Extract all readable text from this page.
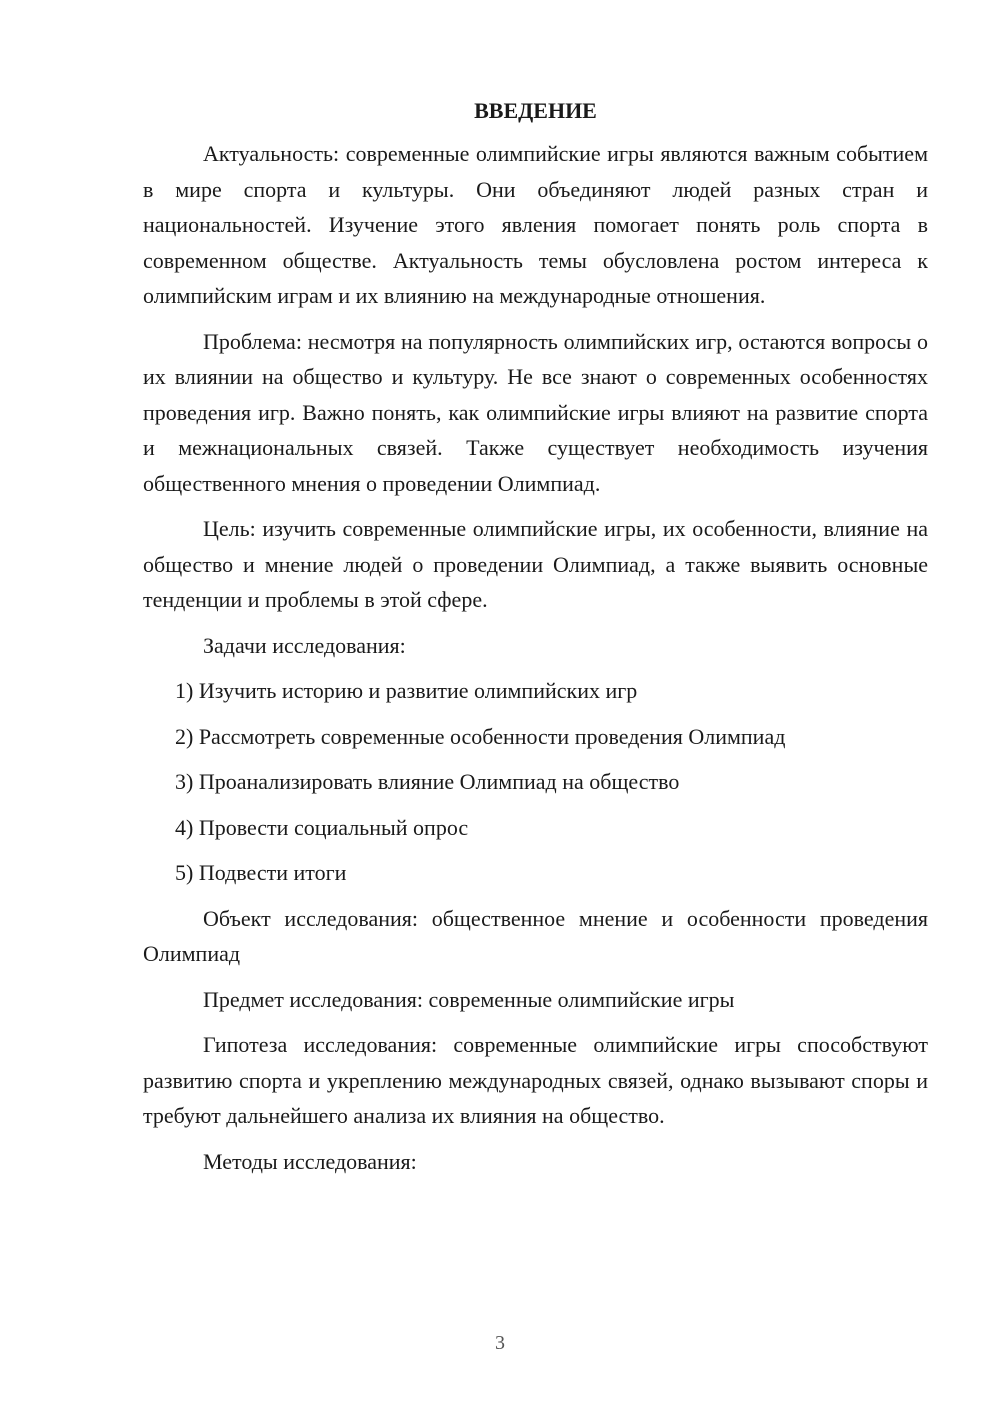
ВВЕДЕНИЕ

Актуальность: современные олимпийские игры являются важным событием в мире спорта и культуры. Они объединяют людей разных стран и национальностей. Изучение этого явления помогает понять роль спорта в современном обществе. Актуальность темы обусловлена ростом интереса к олимпийским играм и их влиянию на международные отношения.

Проблема: несмотря на популярность олимпийских игр, остаются вопросы о их влиянии на общество и культуру. Не все знают о современных особенностях проведения игр. Важно понять, как олимпийские игры влияют на развитие спорта и межнациональных связей. Также существует необходимость изучения общественного мнения о проведении Олимпиад.

Цель: изучить современные олимпийские игры, их особенности, влияние на общество и мнение людей о проведении Олимпиад, а также выявить основные тенденции и проблемы в этой сфере.

Задачи исследования:

1) Изучить историю и развитие олимпийских игр
2) Рассмотреть современные особенности проведения Олимпиад
3) Проанализировать влияние Олимпиад на общество
4) Провести социальный опрос
5) Подвести итоги

Объект исследования: общественное мнение и особенности проведения Олимпиад

Предмет исследования: современные олимпийские игры

Гипотеза исследования: современные олимпийские игры способствуют развитию спорта и укреплению международных связей, однако вызывают споры и требуют дальнейшего анализа их влияния на общество.

Методы исследования:

3
